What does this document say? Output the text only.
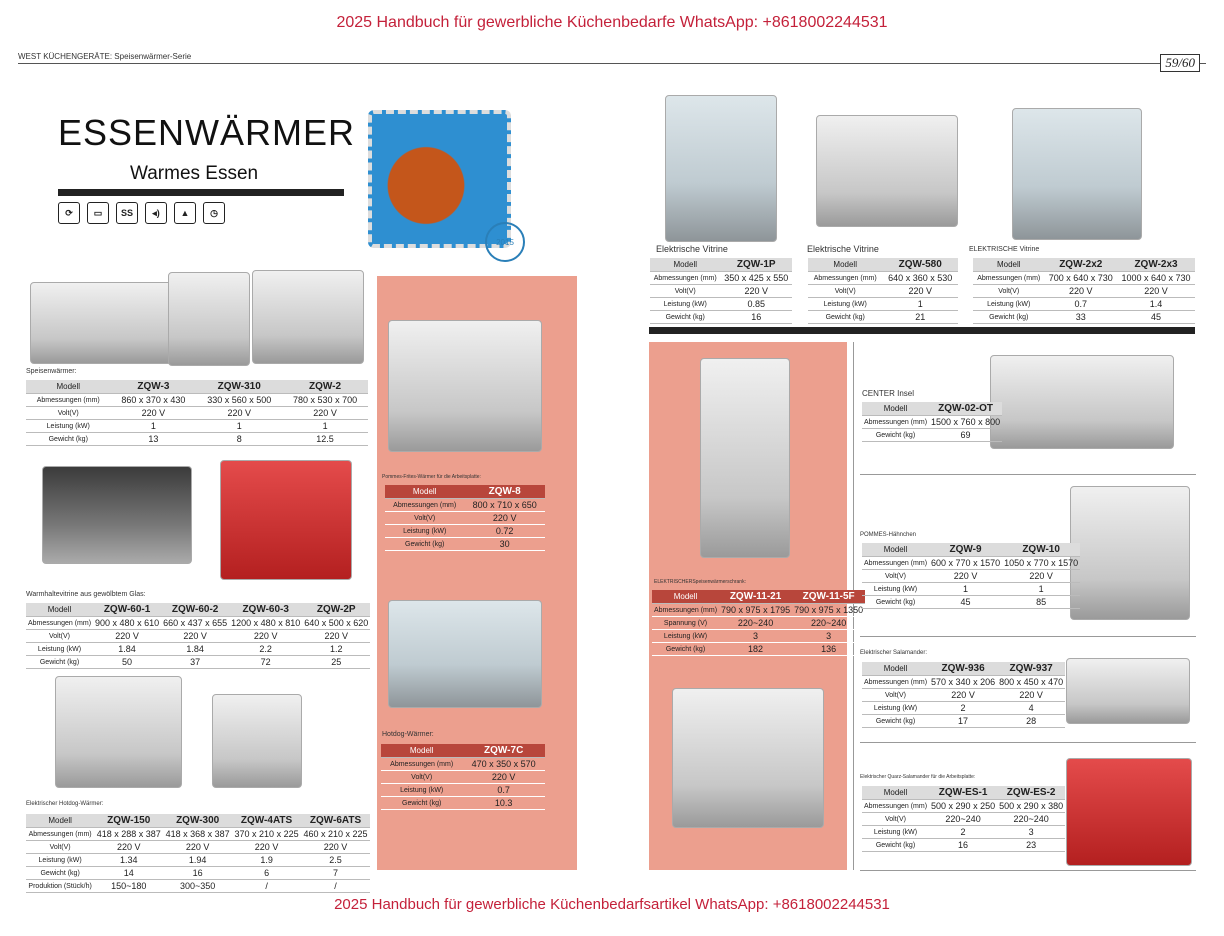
2025 Handbuch für gewerbliche Küchenbedarfe WhatsApp: +8618002244531
2025 Handbuch für gewerbliche Küchenbedarfsartikel WhatsApp: +8618002244531
WEST KÜCHENGERÄTE: Speisenwärmer-Serie	59/60
ESSENWÄRMER
Warmes Essen
⟳	▭	SS	◂)	▲	◷
2015
Speisenwärmer:
Warmhaltevitrine aus gewölbtem Glas:
Elektrischer Hotdog-Wärmer:
Pommes-Frites-Wärmer für die Arbeitsplatte:
Hotdog-Wärmer:
Elektrische Vitrine	Elektrische Vitrine	ELEKTRISCHE Vitrine
ELEKTRISCHERSpeisenwärmerschrank:
CENTER Insel
POMMES-Hähnchen
Elektrischer Salamander:
Elektrischer Quarz-Salamander für die Arbeitsplatte:
Modell	ZQW-3	ZQW-310	ZQW-2
Abmessungen (mm)	860 x 370 x 430	330 x 560 x 500	780 x 530 x 700
Volt(V)	220 V	220 V	220 V
Leistung (kW)	1	1	1
Gewicht (kg)	13	8	12.5
Modell	ZQW-60-1	ZQW-60-2	ZQW-60-3	ZQW-2P
Abmessungen (mm)	900 x 480 x 610	660 x 437 x 655	1200 x 480 x 810	640 x 500 x 620
Volt(V)	220 V	220 V	220 V	220 V
Leistung (kW)	1.84	1.84	2.2	1.2
Gewicht (kg)	50	37	72	25
Modell	ZQW-150	ZQW-300	ZQW-4ATS	ZQW-6ATS
Abmessungen (mm)	418 x 288 x 387	418 x 368 x 387	370 x 210 x 225	460 x 210 x 225
Volt(V)	220 V	220 V	220 V	220 V
Leistung (kW)	1.34	1.94	1.9	2.5
Gewicht (kg)	14	16	6	7
Produktion (Stück/h)	150~180	300~350	/	/
Modell	ZQW-8
Abmessungen (mm)	800 x 710 x 650
Volt(V)	220 V
Leistung (kW)	0.72
Gewicht (kg)	30
Modell	ZQW-7C
Abmessungen (mm)	470 x 350 x 570
Volt(V)	220 V
Leistung (kW)	0.7
Gewicht (kg)	10.3
Modell	ZQW-1P
Abmessungen (mm)	350 x 425 x 550
Volt(V)	220 V
Leistung (kW)	0.85
Gewicht (kg)	16
Modell	ZQW-580
Abmessungen (mm)	640 x 360 x 530
Volt(V)	220 V
Leistung (kW)	1
Gewicht (kg)	21
Modell	ZQW-2x2	ZQW-2x3
Abmessungen (mm)	700 x 640 x 730	1000 x 640 x 730
Volt(V)	220 V	220 V
Leistung (kW)	0.7	1.4
Gewicht (kg)	33	45
Modell	ZQW-11-21	ZQW-11-5F
Abmessungen (mm)	790 x 975 x 1795	790 x 975 x 1350
Spannung (V)	220~240	220~240
Leistung (kW)	3	3
Gewicht (kg)	182	136
Modell	ZQW-02-OT
Abmessungen (mm)	1500 x 760 x 800
Gewicht (kg)	69
Modell	ZQW-9	ZQW-10
Abmessungen (mm)	600 x 770 x 1570	1050 x 770 x 1570
Volt(V)	220 V	220 V
Leistung (kW)	1	1
Gewicht (kg)	45	85
Modell	ZQW-936	ZQW-937
Abmessungen (mm)	570 x 340 x 206	800 x 450 x 470
Volt(V)	220 V	220 V
Leistung (kW)	2	4
Gewicht (kg)	17	28
Modell	ZQW-ES-1	ZQW-ES-2
Abmessungen (mm)	500 x 290 x 250	500 x 290 x 380
Volt(V)	220~240	220~240
Leistung (kW)	2	3
Gewicht (kg)	16	23
